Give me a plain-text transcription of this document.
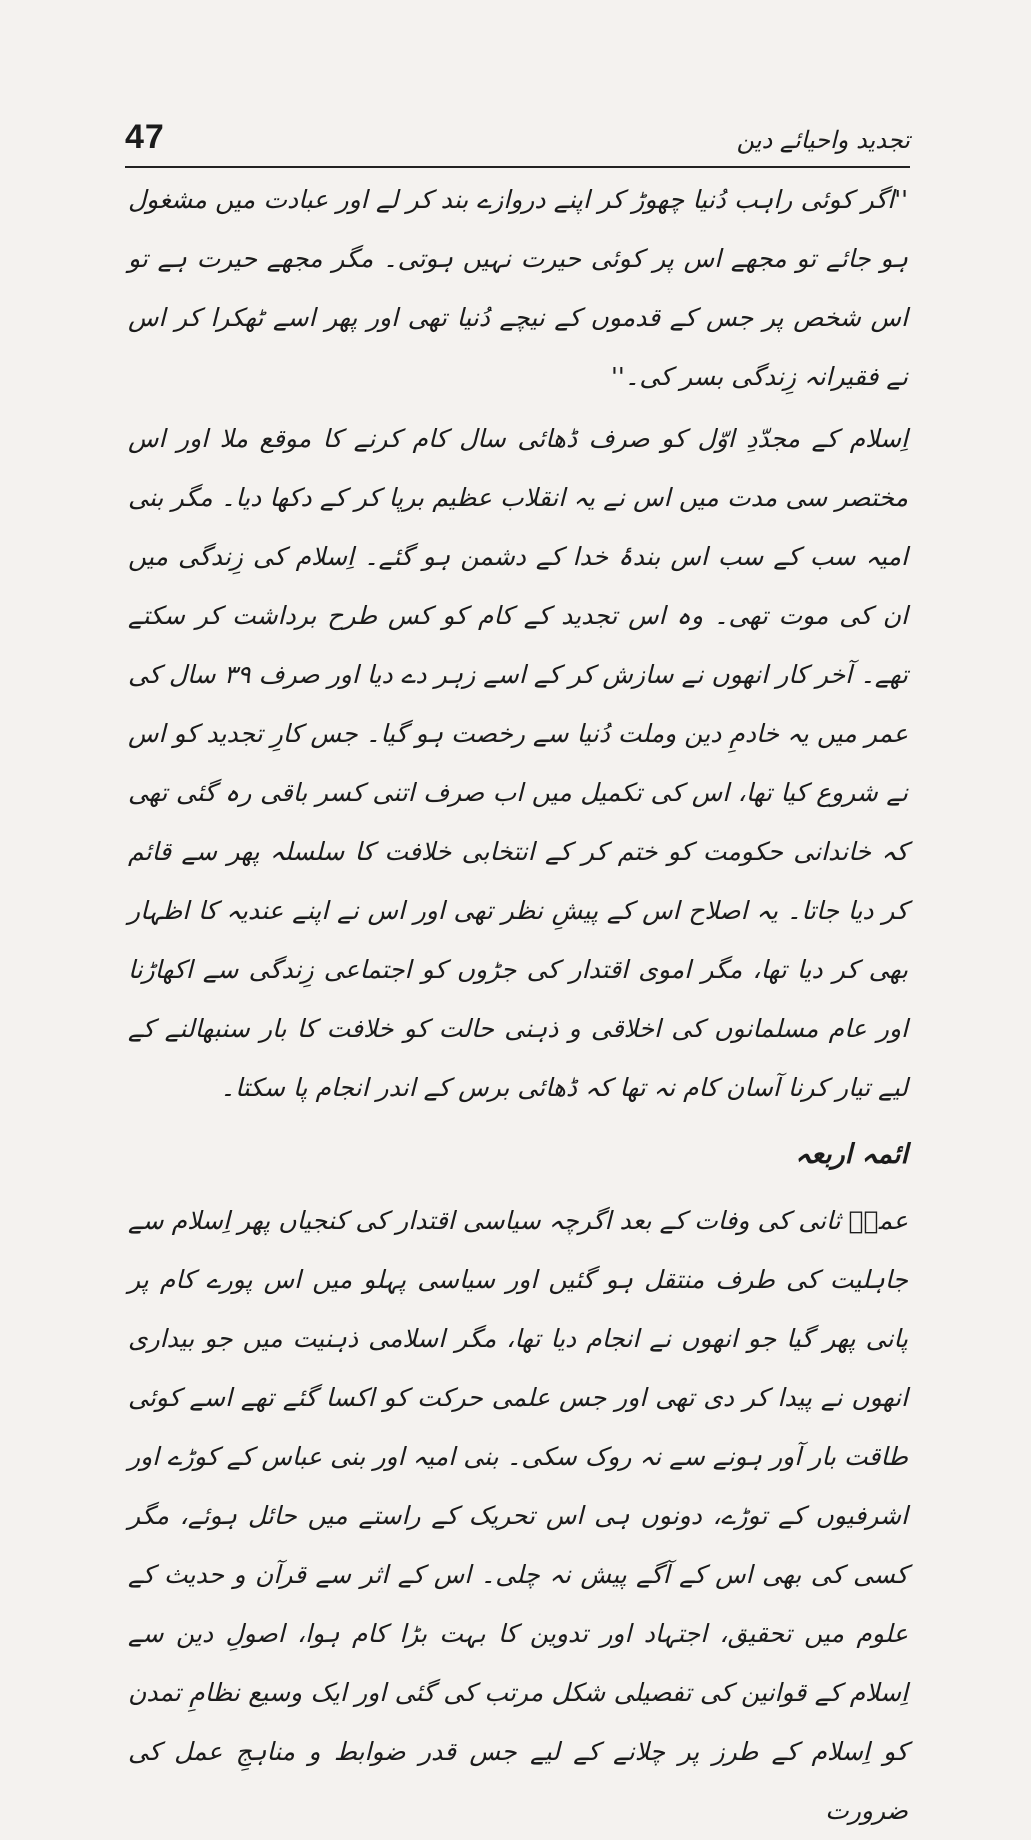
47	تجدید واحیائے دین

''اگر کوئی راہب دُنیا چھوڑ کر اپنے دروازے بند کر لے اور عبادت میں مشغول ہو جائے تو مجھے اس پر کوئی حیرت نہیں ہوتی۔ مگر مجھے حیرت ہے تو اس شخص پر جس کے قدموں کے نیچے دُنیا تھی اور پھر اسے ٹھکرا کر اس نے فقیرانہ زِندگی بسر کی۔''

اِسلام کے مجدّدِ اوّل کو صرف ڈھائی سال کام کرنے کا موقع ملا اور اس مختصر سی مدت میں اس نے یہ انقلاب عظیم برپا کر کے دکھا دیا۔ مگر بنی امیہ سب کے سب اس بندۂ خدا کے دشمن ہو گئے۔ اِسلام کی زِندگی میں ان کی موت تھی۔ وہ اس تجدید کے کام کو کس طرح برداشت کر سکتے تھے۔ آخر کار انھوں نے سازش کر کے اسے زہر دے دیا اور صرف ۳۹ سال کی عمر میں یہ خادمِ دین وملت دُنیا سے رخصت ہو گیا۔ جس کارِ تجدید کو اس نے شروع کیا تھا، اس کی تکمیل میں اب صرف اتنی کسر باقی رہ گئی تھی کہ خاندانی حکومت کو ختم کر کے انتخابی خلافت کا سلسلہ پھر سے قائم کر دیا جاتا۔ یہ اصلاح اس کے پیشِ نظر تھی اور اس نے اپنے عندیہ کا اظہار بھی کر دیا تھا، مگر اموی اقتدار کی جڑوں کو اجتماعی زِندگی سے اکھاڑنا اور عام مسلمانوں کی اخلاقی و ذہنی حالت کو خلافت کا بار سنبھالنے کے لیے تیار کرنا آسان کام نہ تھا کہ ڈھائی برس کے اندر انجام پا سکتا۔

ائمہ اربعہ

عمرؒ ثانی کی وفات کے بعد اگرچہ سیاسی اقتدار کی کنجیاں پھر اِسلام سے جاہلیت کی طرف منتقل ہو گئیں اور سیاسی پہلو میں اس پورے کام پر پانی پھر گیا جو انھوں نے انجام دیا تھا، مگر اسلامی ذہنیت میں جو بیداری انھوں نے پیدا کر دی تھی اور جس علمی حرکت کو اکسا گئے تھے اسے کوئی طاقت بار آور ہونے سے نہ روک سکی۔ بنی امیہ اور بنی عباس کے کوڑے اور اشرفیوں کے توڑے، دونوں ہی اس تحریک کے راستے میں حائل ہوئے، مگر کسی کی بھی اس کے آگے پیش نہ چلی۔ اس کے اثر سے قرآن و حدیث کے علوم میں تحقیق، اجتہاد اور تدوین کا بہت بڑا کام ہوا، اصولِ دین سے اِسلام کے قوانین کی تفصیلی شکل مرتب کی گئی اور ایک وسیع نظامِ تمدن کو اِسلام کے طرز پر چلانے کے لیے جس قدر ضوابط و مناہجِ عمل کی ضرورت
